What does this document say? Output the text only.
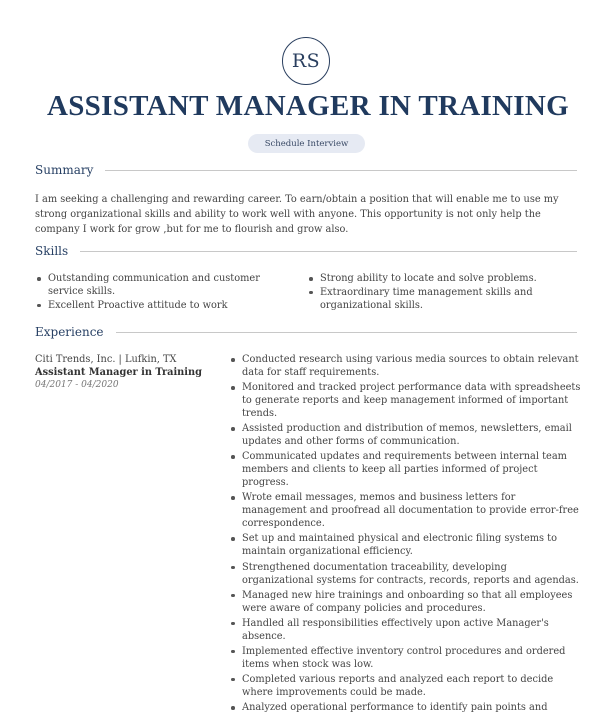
RS
ASSISTANT MANAGER IN TRAINING
Schedule Interview
Summary
I am seeking a challenging and rewarding career. To earn/obtain a position that will enable me to use my strong organizational skills and ability to work well with anyone. This opportunity is not only help the company I work for grow ,but for me to flourish and grow also.
Skills
Outstanding communication and customer service skills.
Excellent Proactive attitude to work
Strong ability to locate and solve problems.
Extraordinary time management skills and organizational skills.
Experience
Citi Trends, Inc. | Lufkin, TX
Assistant Manager in Training
04/2017 - 04/2020
Conducted research using various media sources to obtain relevant data for staff requirements.
Monitored and tracked project performance data with spreadsheets to generate reports and keep management informed of important trends.
Assisted production and distribution of memos, newsletters, email updates and other forms of communication.
Communicated updates and requirements between internal team members and clients to keep all parties informed of project progress.
Wrote email messages, memos and business letters for management and proofread all documentation to provide error-free correspondence.
Set up and maintained physical and electronic filing systems to maintain organizational efficiency.
Strengthened documentation traceability, developing organizational systems for contracts, records, reports and agendas.
Managed new hire trainings and onboarding so that all employees were aware of company policies and procedures.
Handled all responsibilities effectively upon active Manager's absence.
Implemented effective inventory control procedures and ordered items when stock was low.
Completed various reports and analyzed each report to decide where improvements could be made.
Analyzed operational performance to identify pain points and
